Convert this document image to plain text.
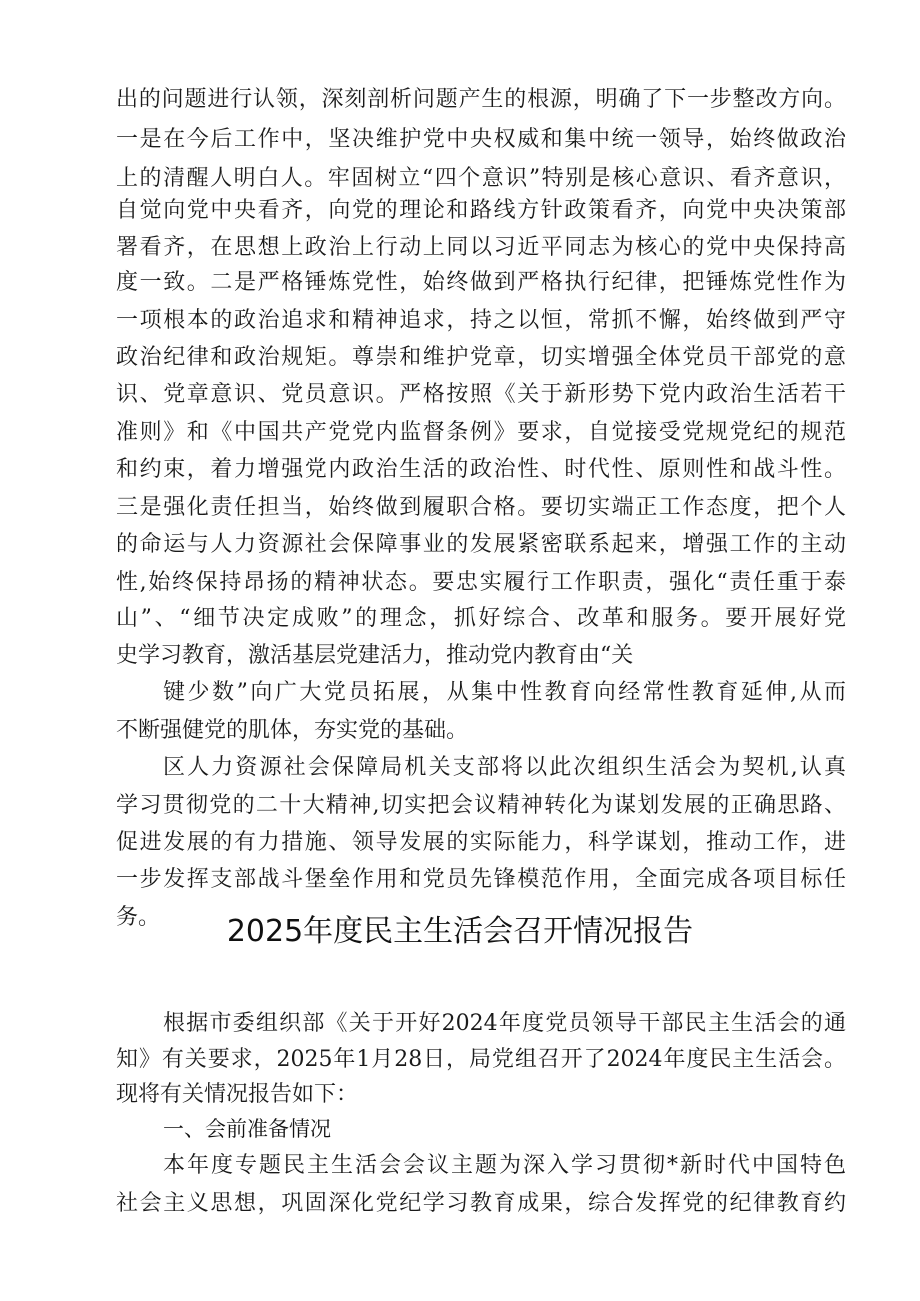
出的问题进行认领，深刻剖析问题产生的根源，明确了下一步整改方向。
一是在今后工作中，坚决维护党中央权威和集中统一领导，始终做政治
上的清醒人明白人。牢固树立“四个意识”特别是核心意识、看齐意识，
自觉向党中央看齐，向党的理论和路线方针政策看齐，向党中央决策部
署看齐，在思想上政治上行动上同以习近平同志为核心的党中央保持高
度一致。二是严格锤炼党性，始终做到严格执行纪律，把锤炼党性作为
一项根本的政治追求和精神追求，持之以恒，常抓不懈，始终做到严守
政治纪律和政治规矩。尊崇和维护党章，切实增强全体党员干部党的意
识、党章意识、党员意识。严格按照《关于新形势下党内政治生活若干
准则》和《中国共产党党内监督条例》要求，自觉接受党规党纪的规范
和约束，着力增强党内政治生活的政治性、时代性、原则性和战斗性。
三是强化责任担当，始终做到履职合格。要切实端正工作态度，把个人
的命运与人力资源社会保障事业的发展紧密联系起来，增强工作的主动
性,始终保持昂扬的精神状态。要忠实履行工作职责，强化“责任重于泰
山”、“细节决定成败”的理念，抓好综合、改革和服务。要开展好党
史学习教育，激活基层党建活力，推动党内教育由“关
键少数”向广大党员拓展，从集中性教育向经常性教育延伸,从而
不断强健党的肌体，夯实党的基础。
区人力资源社会保障局机关支部将以此次组织生活会为契机,认真
学习贯彻党的二十大精神,切实把会议精神转化为谋划发展的正确思路、
促进发展的有力措施、领导发展的实际能力，科学谋划，推动工作，进
一步发挥支部战斗堡垒作用和党员先锋模范作用，全面完成各项目标任
务。	2025年度民主生活会召开情况报告
根据市委组织部《关于开好2024年度党员领导干部民主生活会的通
知》有关要求，2025年1月28日，局党组召开了2024年度民主生活会。
现将有关情况报告如下：
一、会前准备情况
本年度专题民主生活会会议主题为深入学习贯彻*新时代中国特色
社会主义思想，巩固深化党纪学习教育成果，综合发挥党的纪律教育约
